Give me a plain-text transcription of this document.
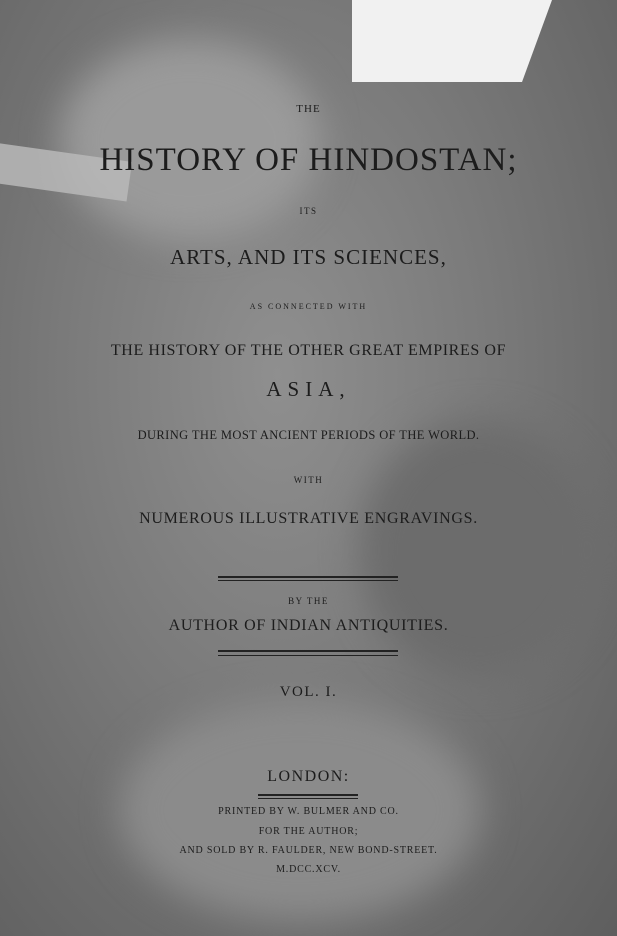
THE
HISTORY OF HINDOSTAN;
ITS
ARTS, AND ITS SCIENCES,
AS CONNECTED WITH
THE HISTORY OF THE OTHER GREAT EMPIRES OF
ASIA,
DURING THE MOST ANCIENT PERIODS OF THE WORLD.
WITH
NUMEROUS ILLUSTRATIVE ENGRAVINGS.
BY THE
AUTHOR OF INDIAN ANTIQUITIES.
VOL. I.
LONDON:
PRINTED BY W. BULMER AND CO.
FOR THE AUTHOR;
AND SOLD BY R. FAULDER, NEW BOND-STREET.
M.DCC.XCV.
